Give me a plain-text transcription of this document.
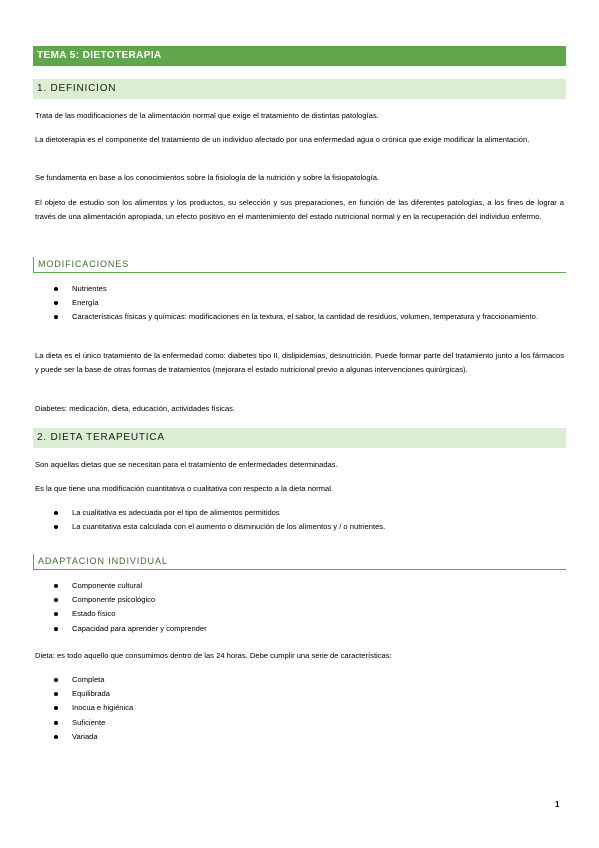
TEMA 5: DIETOTERAPIA
1. DEFINICION

Trata de las modificaciones de la alimentación normal que exige el tratamiento de distintas patologías.

La dietoterapia es el componente del tratamiento de un individuo afectado por una enfermedad agua o crónica que exige modificar la alimentación.

Se fundamenta en base a los conocimientos sobre la fisiología de la nutrición y sobre la fisiopatología.

El objeto de estudio son los alimentos y los productos, su selección y sus preparaciones, en función de las diferentes patologías, a los fines de lograr a través de una alimentación apropiada, un efecto positivo en el mantenimiento del estado nutricional normal y en la recuperación del individuo enfermo.

MODIFICACIONES
Nutrientes
Energía
Características físicas y químicas: modificaciones en la textura, el sabor, la cantidad de residuos, volumen, temperatura y fraccionamiento.

La dieta es el único tratamiento de la enfermedad como: diabetes tipo II, dislipidemias, desnutrición. Puede formar parte del tratamiento junto a los fármacos y puede ser la base de otras formas de tratamientos (mejorara el estado nutricional previo a algunas intervenciones quirúrgicas).

Diabetes: medicación, dieta, educación, actividades físicas.

2. DIETA TERAPEUTICA

Son aquellas dietas que se necesitan para el tratamiento de enfermedades determinadas.

Es la que tiene una modificación cuantitativa o cualitativa con respecto a la dieta normal.

La cualitativa es adecuada por el tipo de alimentos permitidos
La cuantitativa esta calculada con el aumento o disminución de los alimentos y / o nutrientes.
ADAPTACION INDIVIDUAL
Componente cultural
Componente psicológico
Estado físico
Capacidad para aprender y comprender

Dieta: es todo aquello que consumimos dentro de las 24 horas. Debe cumplir una serie de características:

Completa
Equilibrada
Inocua e higiénica
Suficiente
Variada
1
